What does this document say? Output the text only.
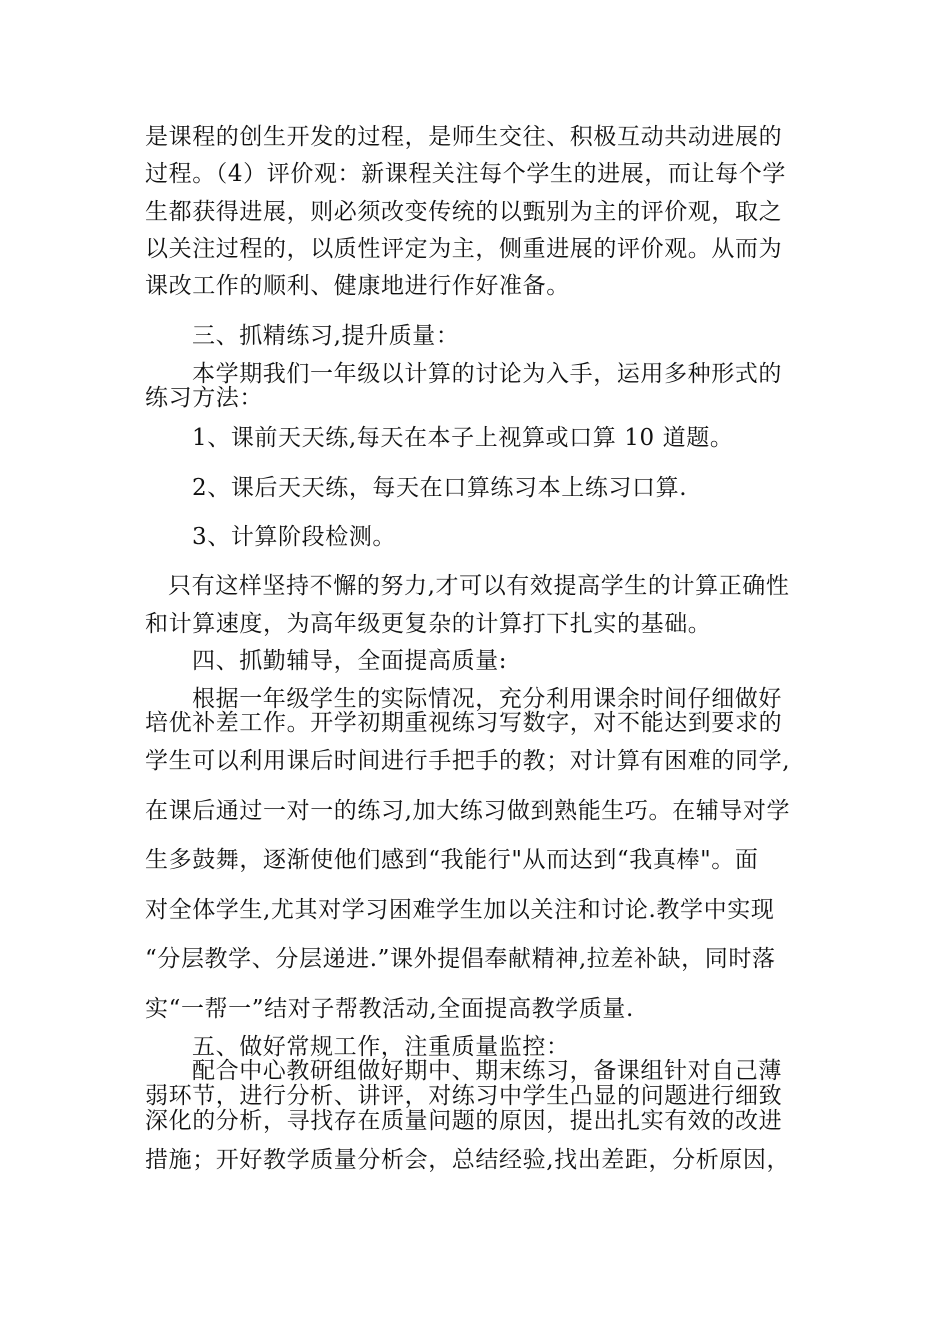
是课程的创生开发的过程，是师生交往、积极互动共动进展的
过程。（4）评价观：新课程关注每个学生的进展，而让每个学
生都获得进展，则必须改变传统的以甄别为主的评价观，取之
以关注过程的，以质性评定为主，侧重进展的评价观。从而为
课改工作的顺利、健康地进行作好准备。
三、抓精练习,提升质量：
本学期我们一年级以计算的讨论为入手，运用多种形式的
练习方法：
1、课前天天练,每天在本子上视算或口算 10 道题。
2、课后天天练，每天在口算练习本上练习口算.
3、计算阶段检测。
只有这样坚持不懈的努力,才可以有效提高学生的计算正确性
和计算速度，为高年级更复杂的计算打下扎实的基础。
四、抓勤辅导，全面提高质量:
根据一年级学生的实际情况，充分利用课余时间仔细做好
培优补差工作。开学初期重视练习写数字，对不能达到要求的
学生可以利用课后时间进行手把手的教；对计算有困难的同学,
在课后通过一对一的练习,加大练习做到熟能生巧。在辅导对学
生多鼓舞，逐渐使他们感到“我能行"从而达到“我真棒"。面
对全体学生,尤其对学习困难学生加以关注和讨论.教学中实现
“分层教学、分层递进.”课外提倡奉献精神,拉差补缺，同时落
实“一帮一”结对子帮教活动,全面提高教学质量.
五、做好常规工作，注重质量监控：
配合中心教研组做好期中、期末练习，备课组针对自己薄
弱环节，进行分析、讲评，对练习中学生凸显的问题进行细致
深化的分析，寻找存在质量问题的原因，提出扎实有效的改进
措施；开好教学质量分析会，总结经验,找出差距，分析原因，
